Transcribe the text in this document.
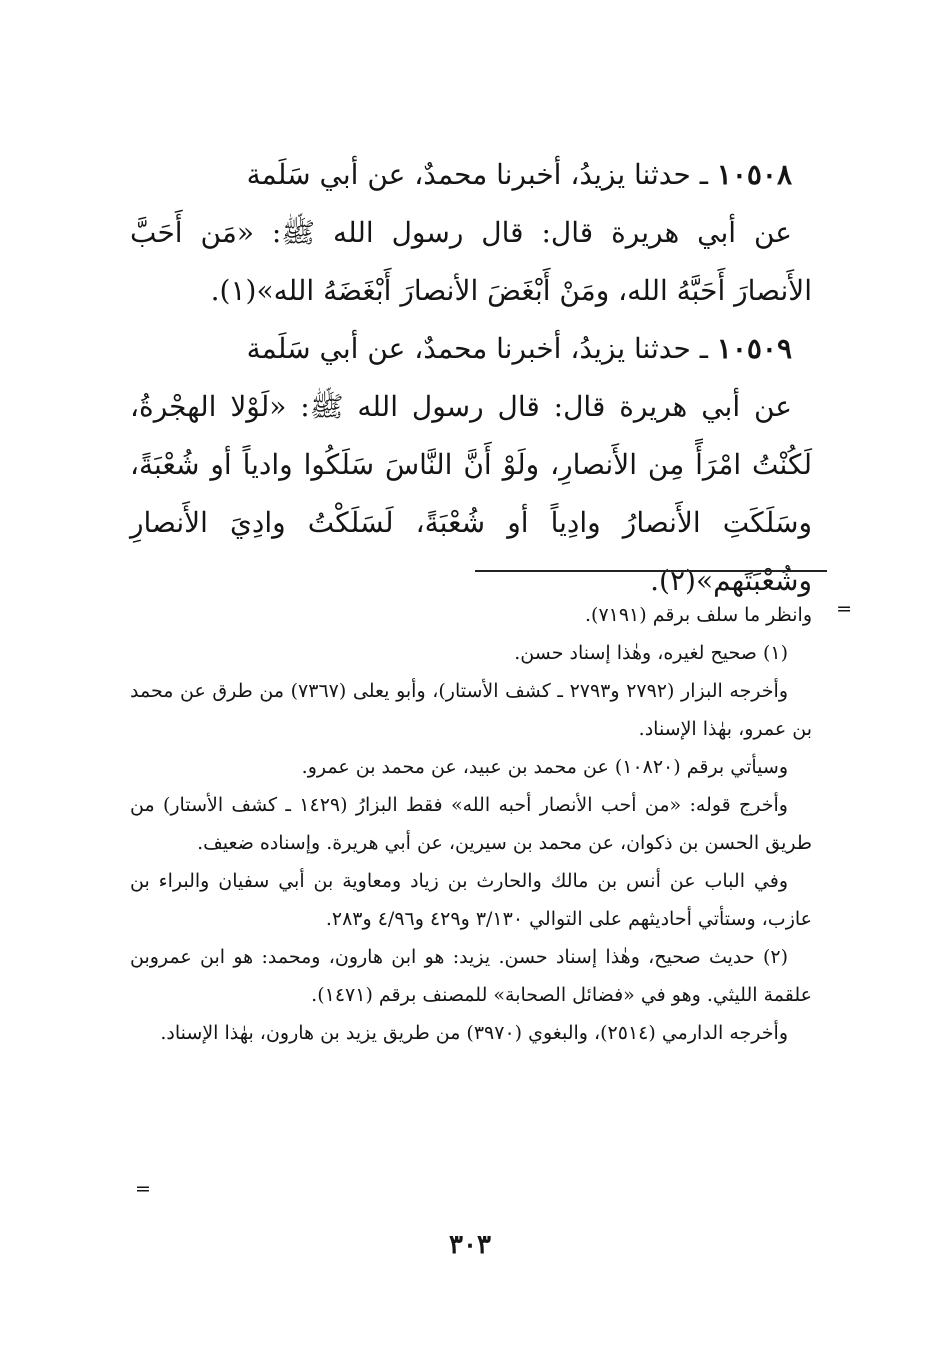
١٠٥٠٨ ـ حدثنا يزيدُ، أخبرنا محمدٌ، عن أبي سَلَمة

عن أبي هريرة قال: قال رسول الله ﷺ: «مَن أَحَبَّ الأَنصارَ أَحَبَّهُ الله، ومَنْ أَبْغَضَ الأنصارَ أَبْغَضَهُ الله»(١).

١٠٥٠٩ ـ حدثنا يزيدُ، أخبرنا محمدٌ، عن أبي سَلَمة

عن أبي هريرة قال: قال رسول الله ﷺ: «لَوْلا الهجْرةُ، لَكُنْتُ امْرَأً مِن الأَنصارِ، ولَوْ أَنَّ النَّاسَ سَلَكُوا وادياً أو شُعْبَةً، وسَلَكَتِ الأَنصارُ وادِياً أو شُعْبَةً، لَسَلَكْتُ وادِيَ الأَنصارِ وشُعْبَتَهم»(٢).

=

وانظر ما سلف برقم (٧١٩١).

(١) صحيح لغيره، وهٰذا إسناد حسن.

وأخرجه البزار (٢٧٩٢ و٢٧٩٣ ـ كشف الأستار)، وأبو يعلى (٧٣٦٧) من طرق عن محمد بن عمرو، بهٰذا الإسناد.

وسيأتي برقم (١٠٨٢٠) عن محمد بن عبيد، عن محمد بن عمرو.

وأخرج قوله: «من أحب الأنصار أحبه الله» فقط البزارُ (١٤٢٩ ـ كشف الأستار) من طريق الحسن بن ذكوان، عن محمد بن سيرين، عن أبي هريرة. وإسناده ضعيف.

وفي الباب عن أنس بن مالك والحارث بن زياد ومعاوية بن أبي سفيان والبراء بن عازب، وستأتي أحاديثهم على التوالي ٣/١٣٠ و٤٢٩ و٤/٩٦ و٢٨٣.

(٢) حديث صحيح، وهٰذا إسناد حسن. يزيد: هو ابن هارون، ومحمد: هو ابن عمروبن علقمة الليثي. وهو في «فضائل الصحابة» للمصنف برقم (١٤٧١).

وأخرجه الدارمي (٢٥١٤)، والبغوي (٣٩٧٠) من طريق يزيد بن هارون، بهٰذا الإسناد.

=
٣٠٣
